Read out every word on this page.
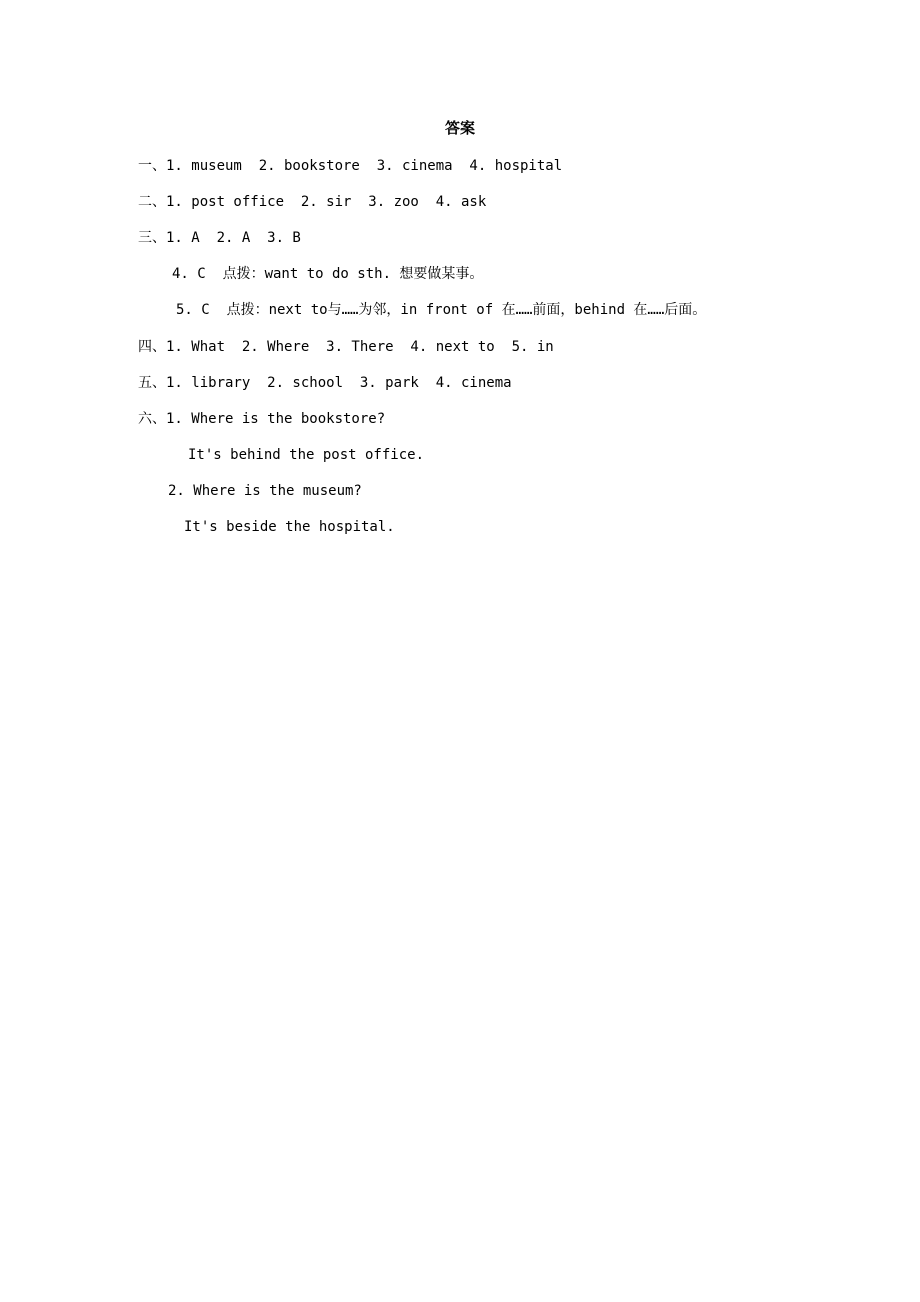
答案
一、1. museum  2. bookstore  3. cinema  4. hospital
二、1. post office  2. sir  3. zoo  4. ask
三、1. A  2. A  3. B
4. C  点拨：want to do sth. 想要做某事。
5. C  点拨：next to与……为邻，in front of 在……前面，behind 在……后面。
四、1. What  2. Where  3. There  4. next to  5. in
五、1. library  2. school  3. park  4. cinema
六、1. Where is the bookstore?
It's behind the post office.
2. Where is the museum?
It's beside the hospital.
